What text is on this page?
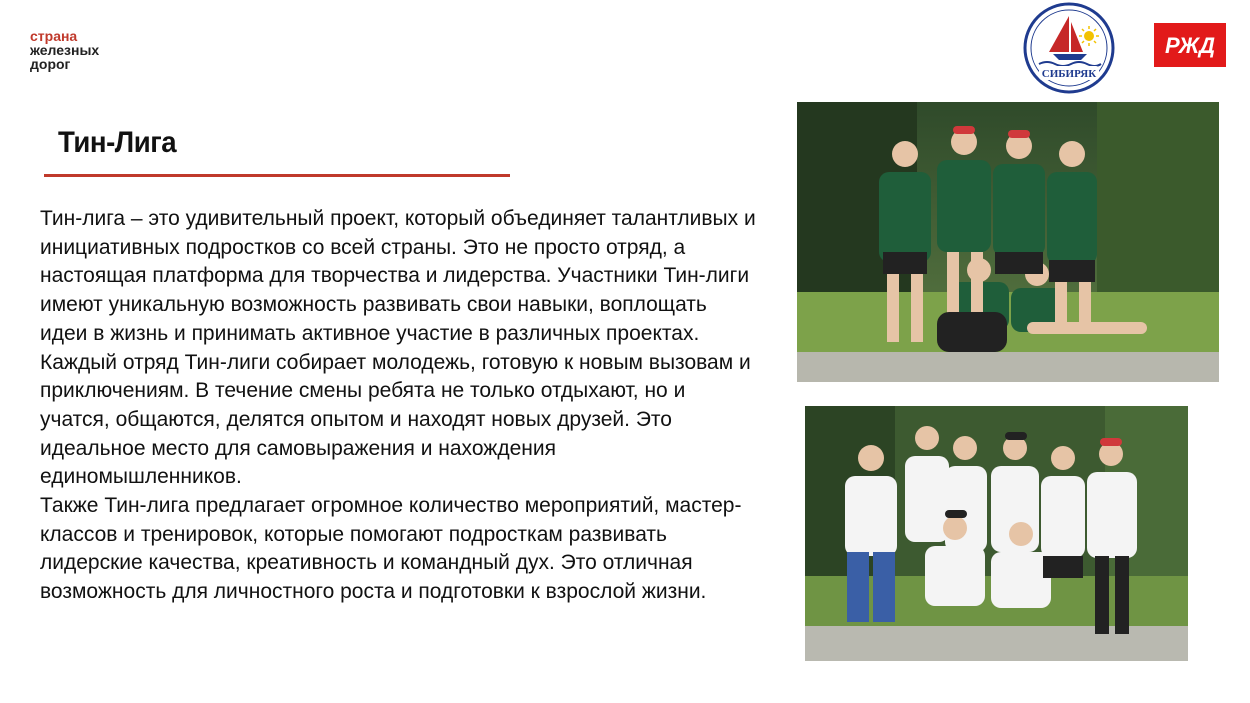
страна
железных
дорог
СИБИРЯК
РЖД
Тин-Лига

Тин-лига – это удивительный проект, который объединяет талантливых и инициативных подростков со всей страны. Это не просто отряд, а настоящая платформа для творчества и лидерства. Участники Тин-лиги имеют уникальную возможность развивать свои навыки, воплощать идеи в жизнь и принимать активное участие в различных проектах.

Каждый отряд Тин-лиги собирает молодежь, готовую к новым вызовам и приключениям. В течение смены ребята не только отдыхают, но и учатся, общаются, делятся опытом и находят новых друзей. Это идеальное место для самовыражения и нахождения единомышленников.

Также Тин-лига предлагает огромное количество мероприятий, мастер-классов и тренировок, которые помогают подросткам развивать лидерские качества, креативность и командный дух. Это отличная возможность для личностного роста и подготовки к взрослой жизни.
